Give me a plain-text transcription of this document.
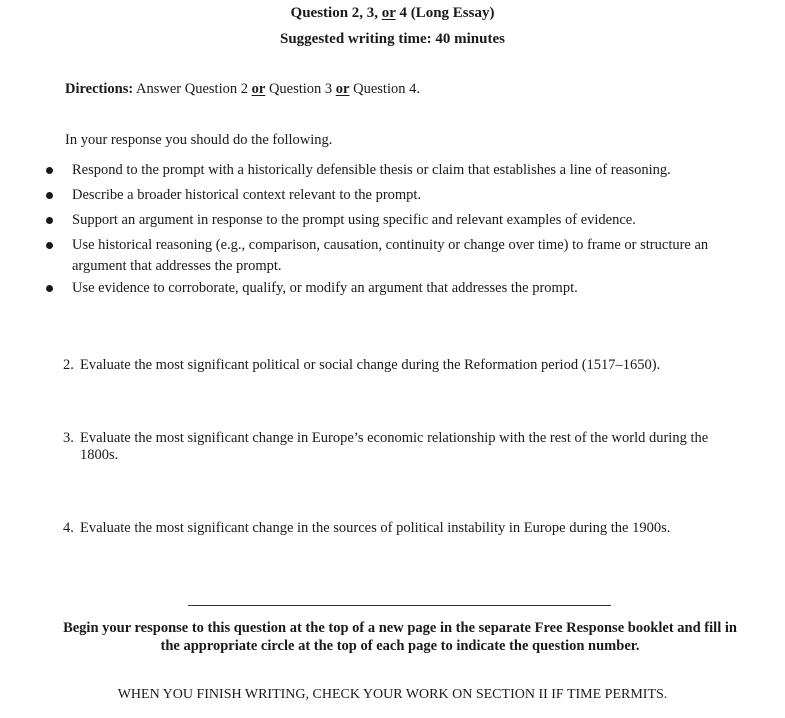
Question 2, 3, or 4 (Long Essay)
Suggested writing time: 40 minutes
Directions: Answer Question 2 or Question 3 or Question 4.
In your response you should do the following.
Respond to the prompt with a historically defensible thesis or claim that establishes a line of reasoning.
Describe a broader historical context relevant to the prompt.
Support an argument in response to the prompt using specific and relevant examples of evidence.
Use historical reasoning (e.g., comparison, causation, continuity or change over time) to frame or structure an argument that addresses the prompt.
Use evidence to corroborate, qualify, or modify an argument that addresses the prompt.
2. Evaluate the most significant political or social change during the Reformation period (1517–1650).
3. Evaluate the most significant change in Europe’s economic relationship with the rest of the world during the 1800s.
4. Evaluate the most significant change in the sources of political instability in Europe during the 1900s.
Begin your response to this question at the top of a new page in the separate Free Response booklet and fill in the appropriate circle at the top of each page to indicate the question number.
WHEN YOU FINISH WRITING, CHECK YOUR WORK ON SECTION II IF TIME PERMITS.
